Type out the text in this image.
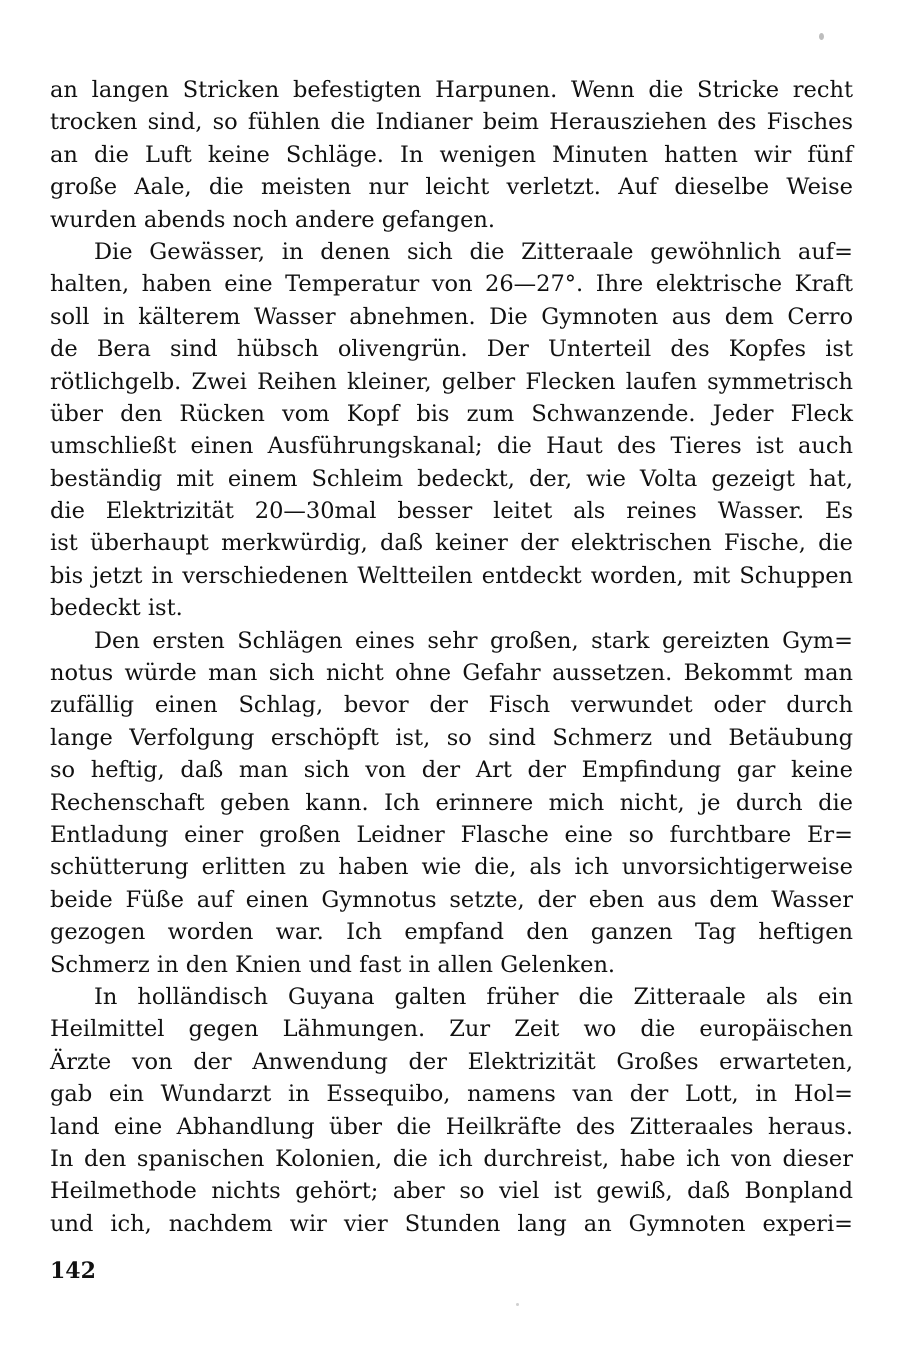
an langen Stricken befestigten Harpunen. Wenn die Stricke recht
trocken sind, so fühlen die Indianer beim Herausziehen des Fisches
an die Luft keine Schläge. In wenigen Minuten hatten wir fünf
große Aale, die meisten nur leicht verletzt. Auf dieselbe Weise
wurden abends noch andere gefangen.
Die Gewässer, in denen sich die Zitteraale gewöhnlich auf=
halten, haben eine Temperatur von 26—27°. Ihre elektrische Kraft
soll in kälterem Wasser abnehmen. Die Gymnoten aus dem Cerro
de Bera sind hübsch olivengrün. Der Unterteil des Kopfes ist
rötlichgelb. Zwei Reihen kleiner, gelber Flecken laufen symmetrisch
über den Rücken vom Kopf bis zum Schwanzende. Jeder Fleck
umschließt einen Ausführungskanal; die Haut des Tieres ist auch
beständig mit einem Schleim bedeckt, der, wie Volta gezeigt hat,
die Elektrizität 20—30mal besser leitet als reines Wasser. Es
ist überhaupt merkwürdig, daß keiner der elektrischen Fische, die
bis jetzt in verschiedenen Weltteilen entdeckt worden, mit Schuppen
bedeckt ist.
Den ersten Schlägen eines sehr großen, stark gereizten Gym=
notus würde man sich nicht ohne Gefahr aussetzen. Bekommt man
zufällig einen Schlag, bevor der Fisch verwundet oder durch
lange Verfolgung erschöpft ist, so sind Schmerz und Betäubung
so heftig, daß man sich von der Art der Empfindung gar keine
Rechenschaft geben kann. Ich erinnere mich nicht, je durch die
Entladung einer großen Leidner Flasche eine so furchtbare Er=
schütterung erlitten zu haben wie die, als ich unvorsichtigerweise
beide Füße auf einen Gymnotus setzte, der eben aus dem Wasser
gezogen worden war. Ich empfand den ganzen Tag heftigen
Schmerz in den Knien und fast in allen Gelenken.
In holländisch Guyana galten früher die Zitteraale als ein
Heilmittel gegen Lähmungen. Zur Zeit wo die europäischen
Ärzte von der Anwendung der Elektrizität Großes erwarteten,
gab ein Wundarzt in Essequibo, namens van der Lott, in Hol=
land eine Abhandlung über die Heilkräfte des Zitteraales heraus.
In den spanischen Kolonien, die ich durchreist, habe ich von dieser
Heilmethode nichts gehört; aber so viel ist gewiß, daß Bonpland
und ich, nachdem wir vier Stunden lang an Gymnoten experi=
142
